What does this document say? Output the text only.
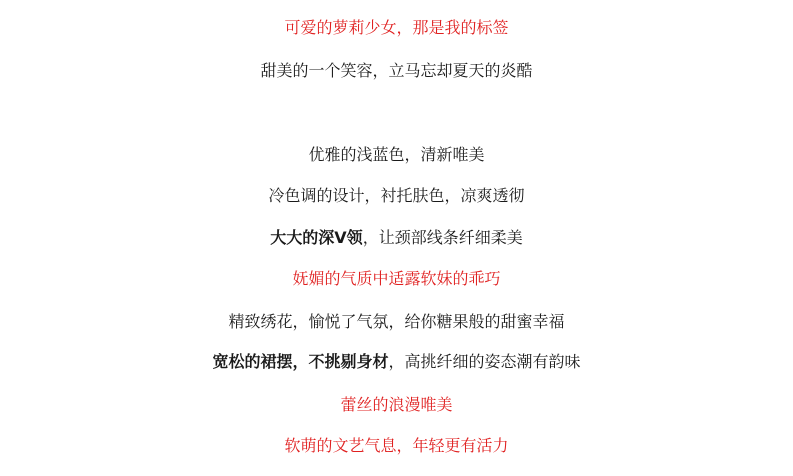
可爱的萝莉少女，那是我的标签
甜美的一个笑容，立马忘却夏天的炎酷
优雅的浅蓝色，清新唯美
冷色调的设计，衬托肤色，凉爽透彻
大大的深V领，让颈部线条纤细柔美
妩媚的气质中适露软妹的乖巧
精致绣花，愉悦了气氛，给你糖果般的甜蜜幸福
宽松的裙摆，不挑剔身材，高挑纤细的姿态潮有韵味
蕾丝的浪漫唯美
软萌的文艺气息，年轻更有活力
